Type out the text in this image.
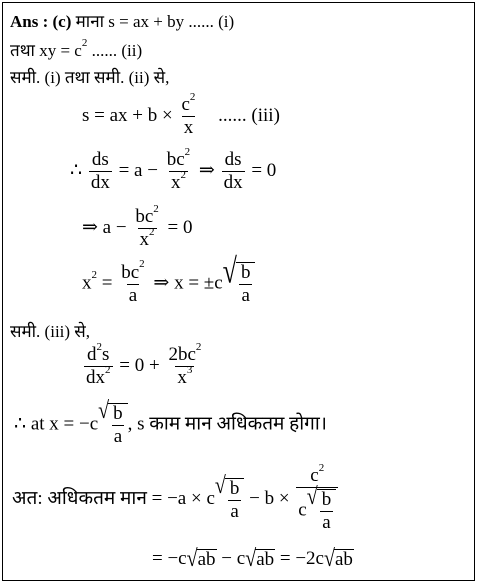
Ans : (c) माना s = ax + by ...... (i)
तथा xy = $c^2$ ...... (ii)
समी. (i) तथा समी. (ii) से,
s = ax + $b \times \frac{c^2}{x}$ ...... (iii)
∴ $\frac{ds}{dx} = a - \frac{bc^2}{x^2}$ ⇒ $\frac{ds}{dx} = 0$
⇒ $a - \frac{bc^2}{x^2} = 0$
$x^2 = \frac{bc^2}{a}$ ⇒ x = ±c √ $\frac{b}{a}$
समी. (iii) से,
$\frac{d^2s}{dx^2} = 0 + \frac{2bc^2}{x^3}$
∴ at x = −c
√ $\frac{b}{a}$ , s काम मान अधिकतम होगा।
अत: अधिकतम मान = −a × c
√ $\frac{b}{a} - b \times c^2$
c
√ $\frac{b}{a}$
= −c √ ab − c √ ab = −2c √ ab
